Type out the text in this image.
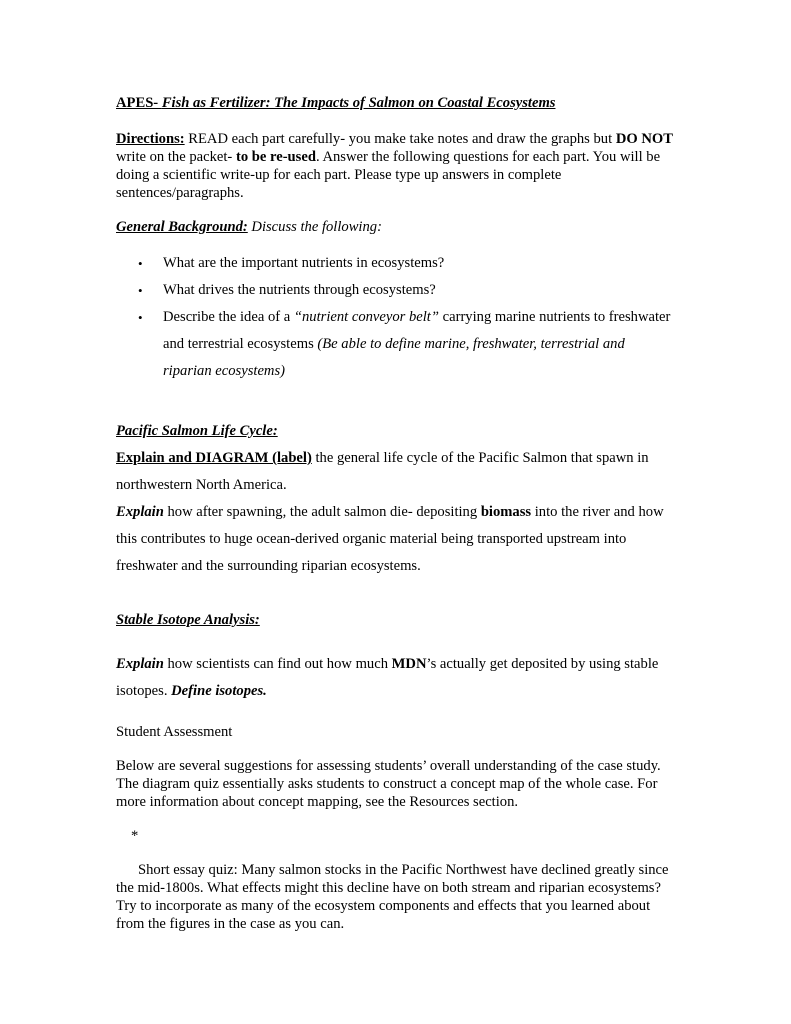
APES- Fish as Fertilizer: The Impacts of Salmon on Coastal Ecosystems

Directions: READ each part carefully- you make take notes and draw the graphs but DO NOT write on the packet- to be re-used. Answer the following questions for each part. You will be doing a scientific write-up for each part. Please type up answers in complete sentences/paragraphs.

General Background: Discuss the following:

• What are the important nutrients in ecosystems?
• What drives the nutrients through ecosystems?
• Describe the idea of a “nutrient conveyor belt” carrying marine nutrients to freshwater and terrestrial ecosystems (Be able to define marine, freshwater, terrestrial and riparian ecosystems)

Pacific Salmon Life Cycle:

Explain and DIAGRAM (label) the general life cycle of the Pacific Salmon that spawn in northwestern North America.

Explain how after spawning, the adult salmon die- depositing biomass into the river and how this contributes to huge ocean-derived organic material being transported upstream into freshwater and the surrounding riparian ecosystems.

Stable Isotope Analysis:

Explain how scientists can find out how much MDN’s actually get deposited by using stable isotopes. Define isotopes.

Student Assessment

Below are several suggestions for assessing students’ overall understanding of the case study. The diagram quiz essentially asks students to construct a concept map of the whole case. For more information about concept mapping, see the Resources section.

*

Short essay quiz: Many salmon stocks in the Pacific Northwest have declined greatly since the mid-1800s. What effects might this decline have on both stream and riparian ecosystems? Try to incorporate as many of the ecosystem components and effects that you learned about from the figures in the case as you can.
